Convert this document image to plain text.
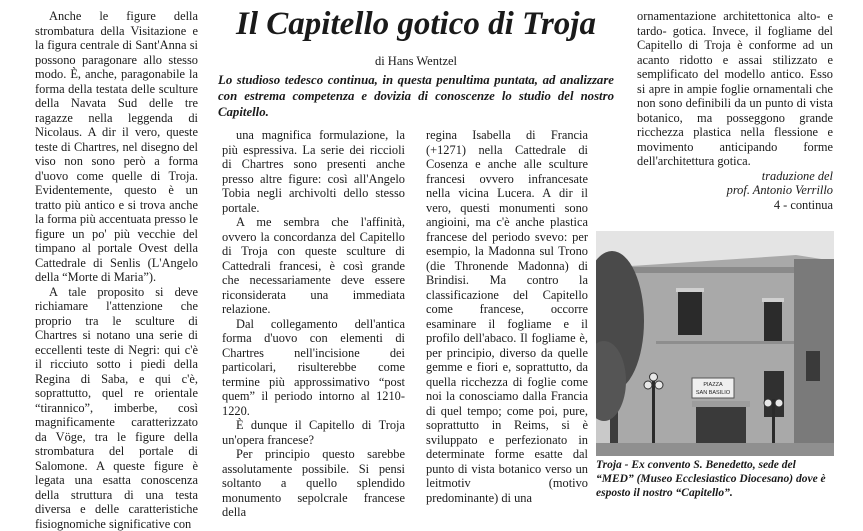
Il Capitello gotico di Troja

di Hans Wentzel

Lo studioso tedesco continua, in questa penultima puntata, ad analizzare con estrema competenza e dovizia di conoscenze lo studio del nostro Capitello.

Anche le figure della strombatura della Visitazione e la figura centrale di Sant'Anna si possono paragonare allo stesso modo. È, anche, paragonabile la forma della testata delle sculture della Navata Sud delle tre ragazze nella leggenda di Nicolaus. A dir il vero, queste teste di Chartres, nel disegno del viso non sono però a forma d'uovo come quelle di Troja. Evidentemente, questo è un tratto più antico e si trova anche la forma più accentuata presso le figure un po' più vecchie del timpano al portale Ovest della Cattedrale di Senlis (L'Angelo della “Morte di Maria”).

A tale proposito si deve richiamare l'attenzione che proprio tra le sculture di Chartres si notano una serie di eccellenti teste di Negri: qui c'è il ricciuto sotto i piedi della Regina di Saba, e qui c'è, soprattutto, quel re orientale “tirannico”, imberbe, così magnificamente caratterizzato da Vöge, tra le figure della strombatura del portale di Salomone. A queste figure è legata una esatta conoscenza della struttura di una testa diversa e delle caratteristiche fisiognomiche significative con

una magnifica formulazione, la più espressiva. La serie dei riccioli di Chartres sono presenti anche presso altre figure: così all'Angelo Tobia negli archivolti dello stesso portale.

A me sembra che l'affinità, ovvero la concordanza del Capitello di Troja con queste sculture di Cattedrali francesi, è così grande che necessariamente deve essere riconsiderata una immediata relazione.

Dal collegamento dell'antica forma d'uovo con elementi di Chartres nell'incisione dei particolari, risulterebbe come termine più approssimativo “post quem” il periodo intorno al 1210-1220.

È dunque il Capitello di Troja un'opera francese?

Per principio questo sarebbe assolutamente possibile. Si pensi soltanto a quello splendido monumento sepolcrale francese della

regina Isabella di Francia (+1271) nella Cattedrale di Cosenza e anche alle sculture francesi ovvero infrancesate nella vicina Lucera. A dir il vero, questi monumenti sono angioini, ma c'è anche plastica francese del periodo svevo: per esempio, la Madonna sul Trono (die Thronende Madonna) di Brindisi. Ma contro la classificazione del Capitello come francese, occorre esaminare il fogliame e il profilo dell'abaco. Il fogliame è, per principio, diverso da quelle gemme e fiori e, soprattutto, da quella ricchezza di foglie come noi la conosciamo dalla Francia di quel tempo; come poi, pure, soprattutto in Reims, si è sviluppato e perfezionato in determinate forme esatte dal punto di vista botanico verso un leitmotiv (motivo predominante) di una

ornamentazione architettonica alto- e tardo- gotica. Invece, il fogliame del Capitello di Troja è conforme ad un acanto ridotto e assai stilizzato e semplificato del modello antico. Esso si apre in ampie foglie ornamentali che non sono definibili da un punto di vista botanico, ma posseggono grande ricchezza plastica nella flessione e movimento anticipando forme dell'architettura gotica.

traduzione del

prof. Antonio Verrillo

4 - continua

PIAZZA
SAN BASILIO

Troja - Ex convento S. Benedetto, sede del “MED” (Museo Ecclesiastico Diocesano) dove è esposto il nostro “Capitello”.
